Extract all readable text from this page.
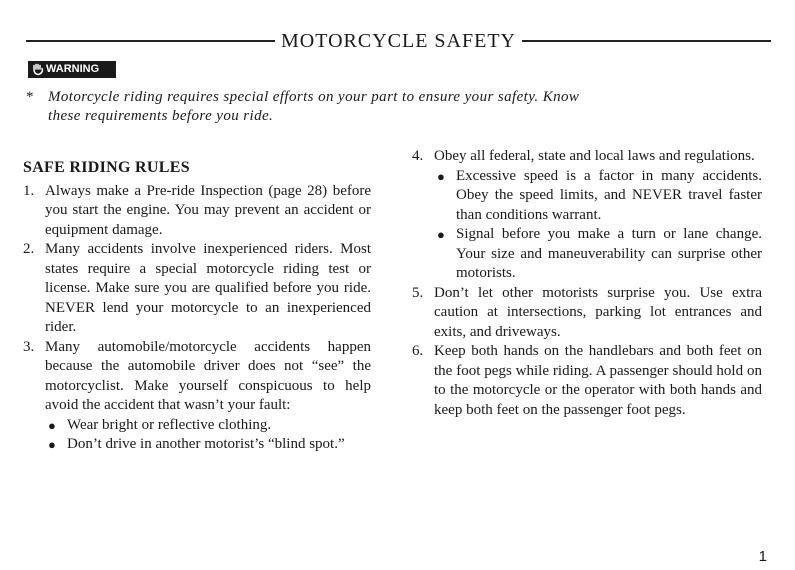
MOTORCYCLE SAFETY
WARNING
* Motorcycle riding requires special efforts on your part to ensure your safety. Know
these requirements before you ride.
SAFE RIDING RULES
1. Always make a Pre-ride Inspection (page 28) before you start the engine. You may prevent an accident or equipment damage.
2. Many accidents involve inexperienced riders. Most states require a special motorcycle riding test or license. Make sure you are qualified before you ride. NEVER lend your motorcycle to an inexperienced rider.
3. Many automobile/motorcycle accidents happen because the automobile driver does not “see” the motorcyclist. Make yourself conspicuous to help avoid the accident that wasn’t your fault:
● Wear bright or reflective clothing.
● Don’t drive in another motorist’s “blind spot.”
4. Obey all federal, state and local laws and regulations.
● Excessive speed is a factor in many accidents. Obey the speed limits, and NEVER travel faster than conditions warrant.
● Signal before you make a turn or lane change. Your size and maneuverability can surprise other motorists.
5. Don’t let other motorists surprise you. Use extra caution at intersections, parking lot entrances and exits, and driveways.
6. Keep both hands on the handlebars and both feet on the foot pegs while riding. A passenger should hold on to the motorcycle or the operator with both hands and keep both feet on the passenger foot pegs.
1
